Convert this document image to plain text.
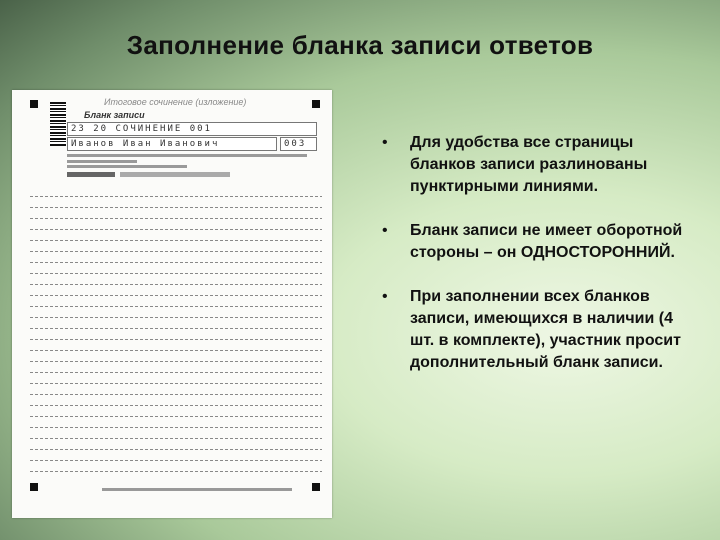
Заполнение бланка записи ответов
Итоговое сочинение (изложение)
Бланк записи
23 20 СОЧИНЕНИЕ 001
Иванов Иван Иванович	003	• Для удобства все страницы бланков записи разлинованы пунктирными линиями.
• Бланк записи не имеет оборотной стороны – он ОДНОСТОРОННИЙ.
• При заполнении всех бланков записи, имеющихся в наличии (4 шт. в комплекте), участник просит дополнительный бланк записи.
